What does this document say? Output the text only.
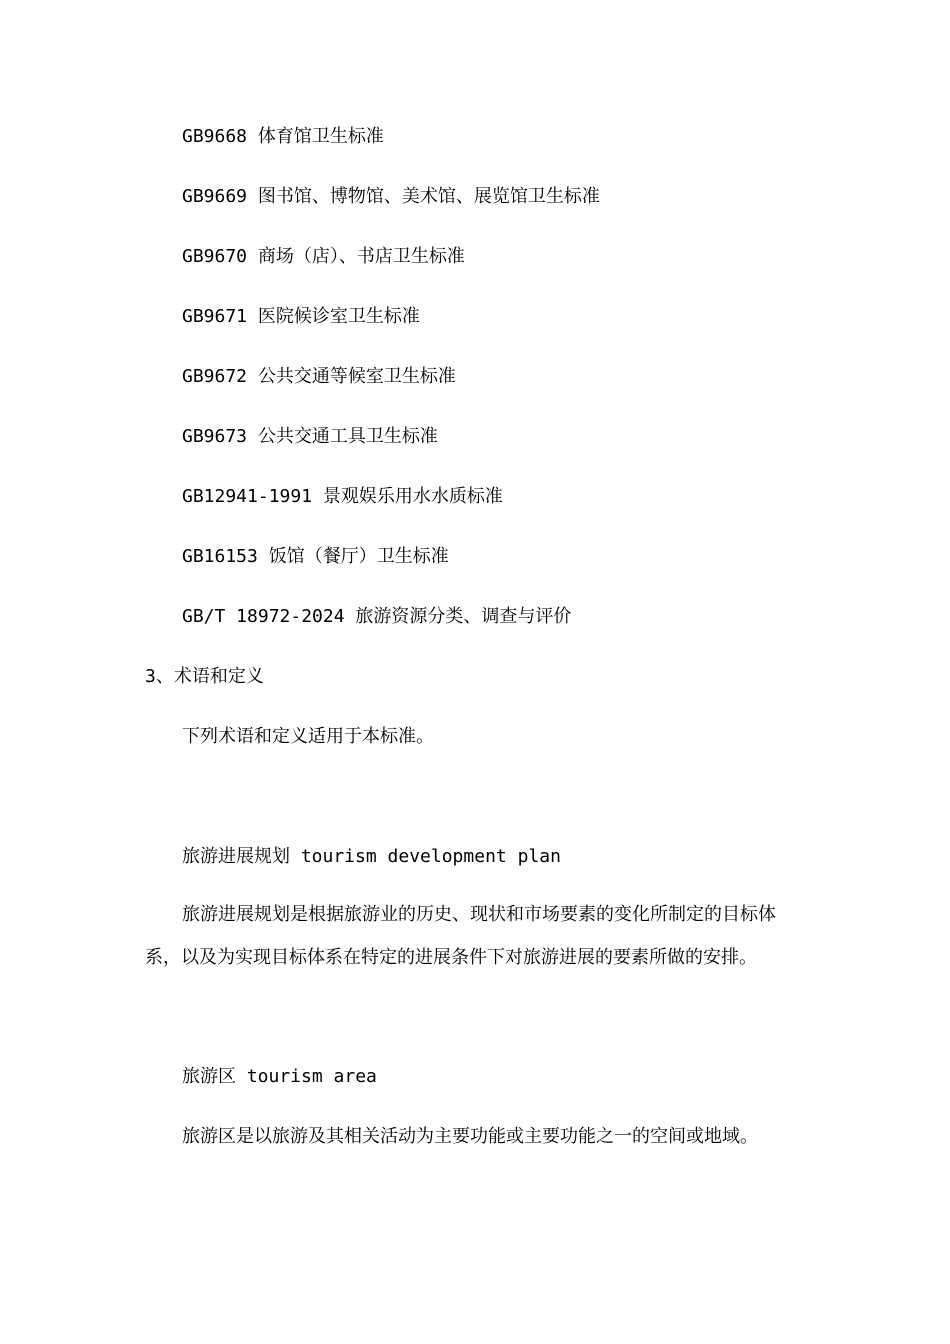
GB9668 体育馆卫生标准
GB9669 图书馆、博物馆、美术馆、展览馆卫生标准
GB9670 商场（店）、书店卫生标准
GB9671 医院候诊室卫生标准
GB9672 公共交通等候室卫生标准
GB9673 公共交通工具卫生标准
GB12941-1991 景观娱乐用水水质标准
GB16153 饭馆（餐厅）卫生标准
GB/T 18972-2024 旅游资源分类、调查与评价
3、术语和定义
下列术语和定义适用于本标准。
旅游进展规划 tourism development plan
旅游进展规划是根据旅游业的历史、现状和市场要素的变化所制定的目标体系，以及为实现目标体系在特定的进展条件下对旅游进展的要素所做的安排。
旅游区 tourism area
旅游区是以旅游及其相关活动为主要功能或主要功能之一的空间或地域。
